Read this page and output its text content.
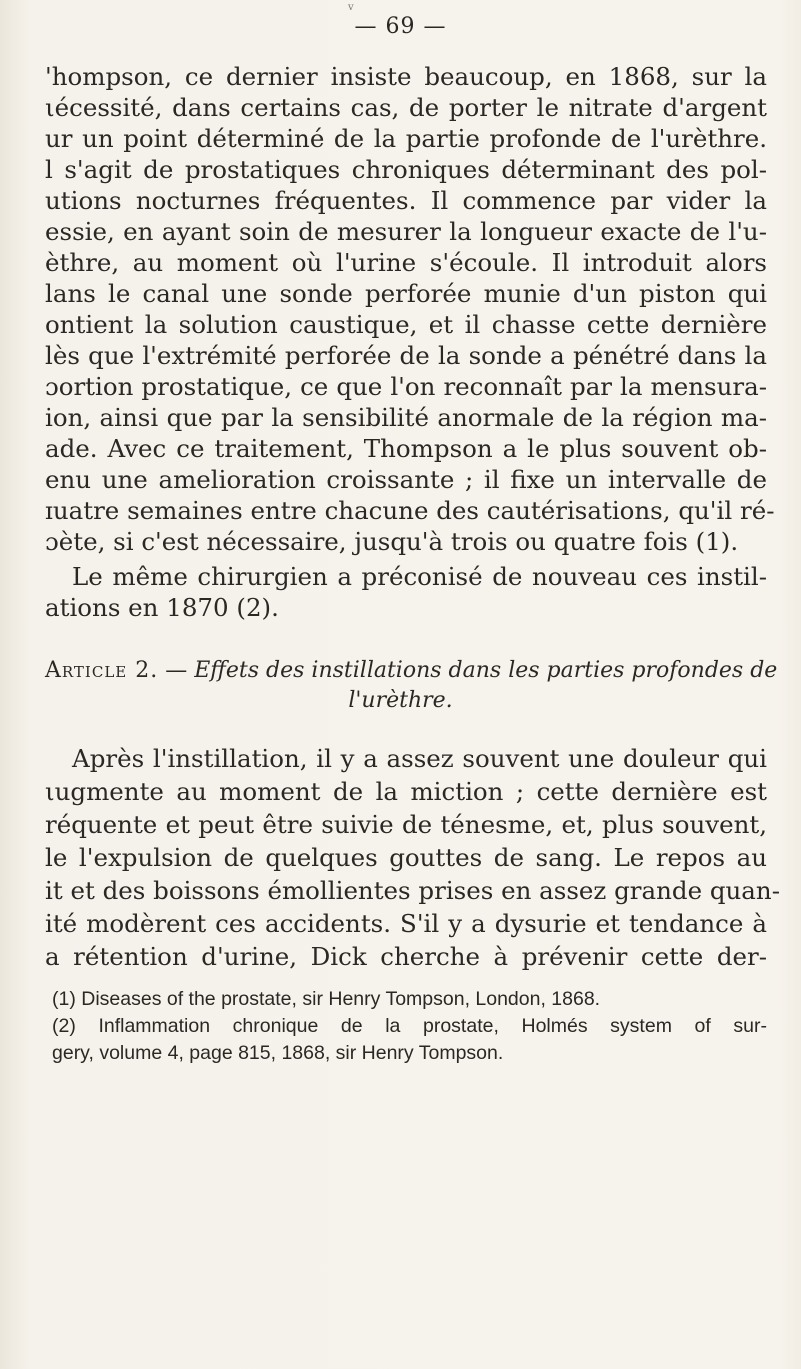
v
— 69 —
'hompson, ce dernier insiste beaucoup, en 1868, sur la
ιécessité, dans certains cas, de porter le nitrate d'argent
ur un point déterminé de la partie profonde de l'urèthre.
l s'agit de prostatiques chroniques déterminant des pol-
utions nocturnes fréquentes. Il commence par vider la
essie, en ayant soin de mesurer la longueur exacte de l'u-
èthre, au moment où l'urine s'écoule. Il introduit alors
lans le canal une sonde perforée munie d'un piston qui
ontient la solution caustique, et il chasse cette dernière
lès que l'extrémité perforée de la sonde a pénétré dans la
ɔortion prostatique, ce que l'on reconnaît par la mensura-
ion, ainsi que par la sensibilité anormale de la région ma-
ade. Avec ce traitement, Thompson a le plus souvent ob-
enu une amelioration croissante ; il fixe un intervalle de
ɪuatre semaines entre chacune des cautérisations, qu'il ré-
ɔète, si c'est nécessaire, jusqu'à trois ou quatre fois (1).
Le même chirurgien a préconisé de nouveau ces instil-
ations en 1870 (2).
Article 2. — Effets des instillations dans les parties profondes de
l'urèthre.
Après l'instillation, il y a assez souvent une douleur qui
ιugmente au moment de la miction ; cette dernière est
réquente et peut être suivie de ténesme, et, plus souvent,
le l'expulsion de quelques gouttes de sang. Le repos au
it et des boissons émollientes prises en assez grande quan-
ité modèrent ces accidents. S'il y a dysurie et tendance à
a rétention d'urine, Dick cherche à prévenir cette der-
(1) Diseases of the prostate, sir Henry Tompson, London, 1868.
(2) Inflammation chronique de la prostate, Holmés system of sur-
gery, volume 4, page 815, 1868, sir Henry Tompson.
